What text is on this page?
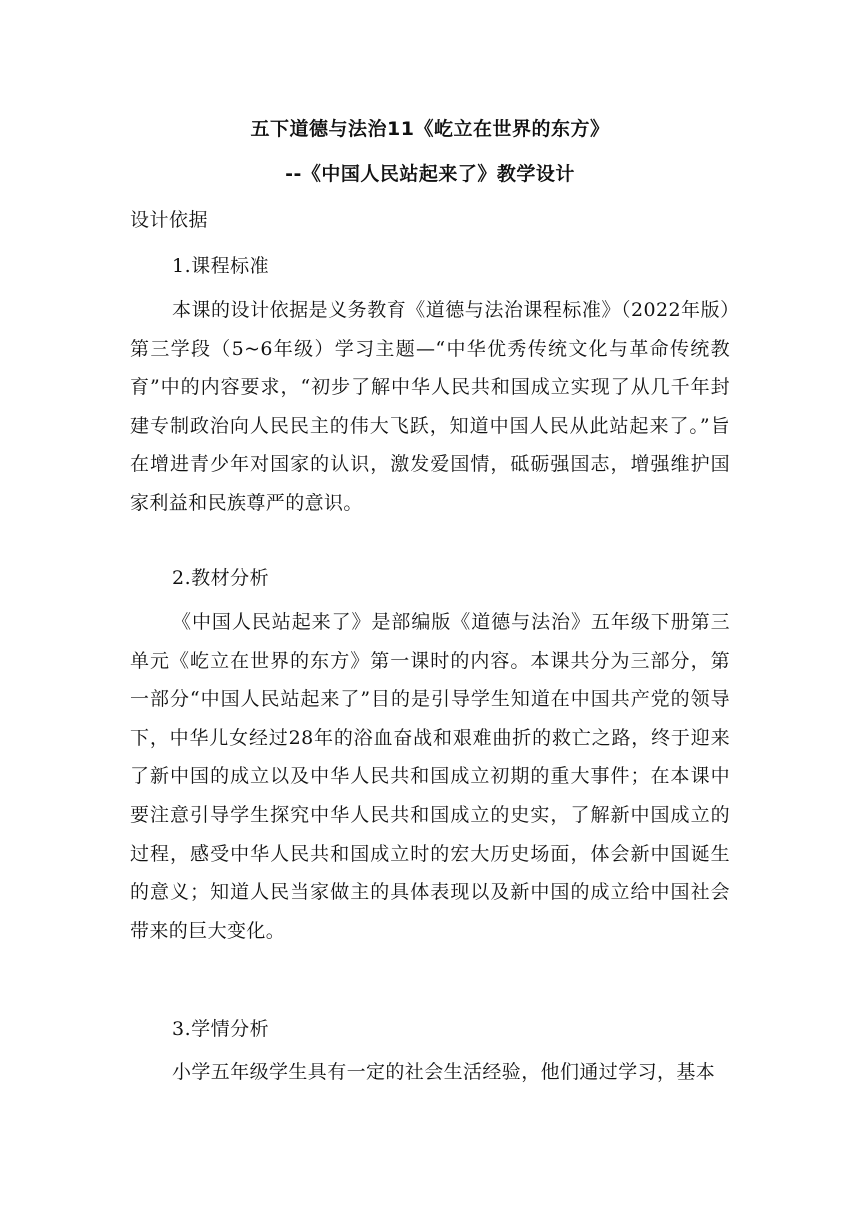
五下道德与法治11《屹立在世界的东方》
--《中国人民站起来了》教学设计
设计依据
1.课程标准

本课的设计依据是义务教育《道德与法治课程标准》（2022年版）第三学段（5~6年级）学习主题—“中华优秀传统文化与革命传统教育”中的内容要求，“初步了解中华人民共和国成立实现了从几千年封建专制政治向人民民主的伟大飞跃，知道中国人民从此站起来了。”旨在增进青少年对国家的认识，激发爱国情，砥砺强国志，增强维护国家利益和民族尊严的意识。

2.教材分析

《中国人民站起来了》是部编版《道德与法治》五年级下册第三单元《屹立在世界的东方》第一课时的内容。本课共分为三部分，第一部分“中国人民站起来了”目的是引导学生知道在中国共产党的领导下，中华儿女经过28年的浴血奋战和艰难曲折的救亡之路，终于迎来了新中国的成立以及中华人民共和国成立初期的重大事件；在本课中要注意引导学生探究中华人民共和国成立的史实，了解新中国成立的过程，感受中华人民共和国成立时的宏大历史场面，体会新中国诞生的意义；知道人民当家做主的具体表现以及新中国的成立给中国社会带来的巨大变化。

3.学情分析

小学五年级学生具有一定的社会生活经验，他们通过学习，基本
